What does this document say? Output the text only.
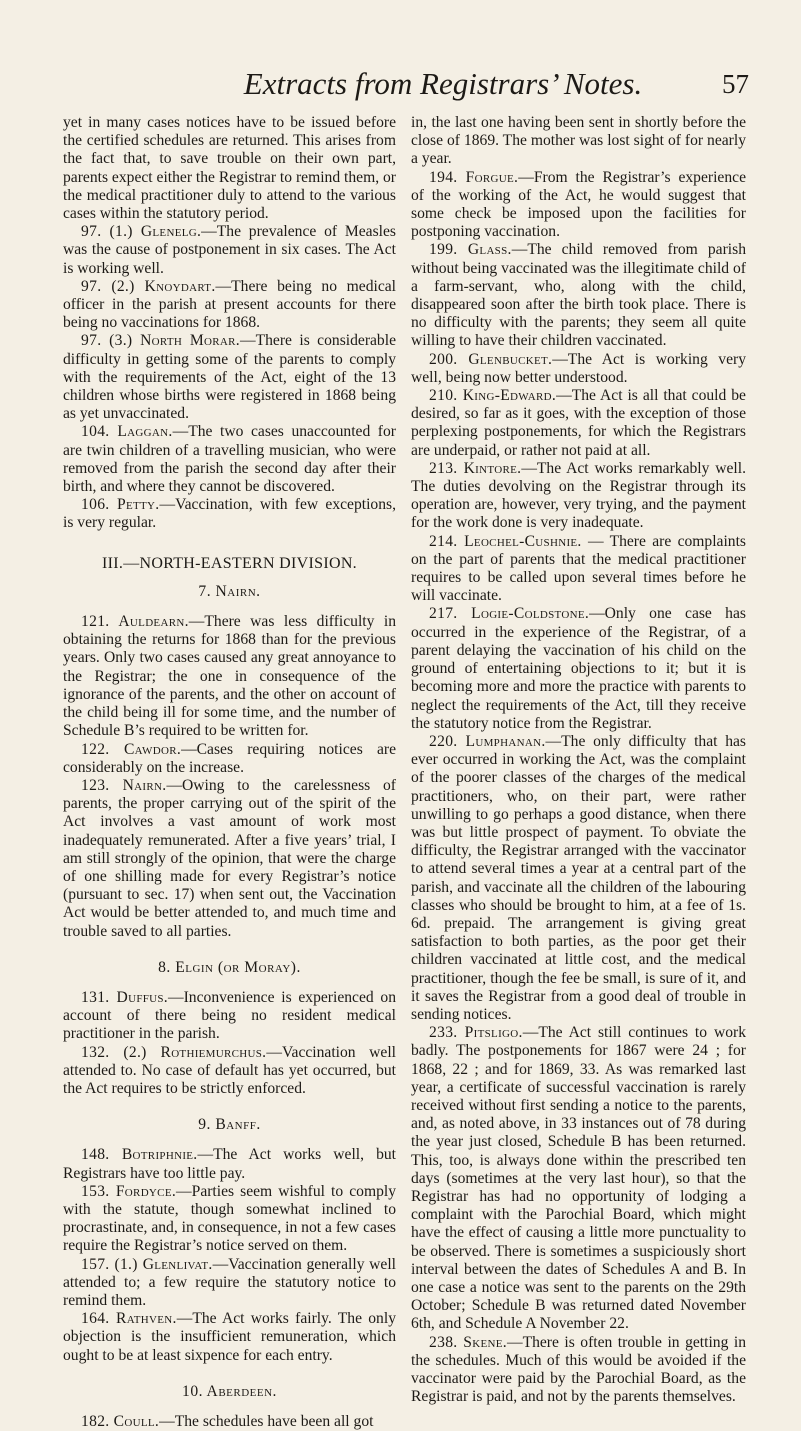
Extracts from Registrars’ Notes.	57

yet in many cases notices have to be issued before the certified schedules are returned. This arises from the fact that, to save trouble on their own part, parents expect either the Registrar to remind them, or the medical practitioner duly to attend to the various cases within the statutory period.

97. (1.) Glenelg.—The prevalence of Measles was the cause of postponement in six cases. The Act is working well.

97. (2.) Knoydart.—There being no medical officer in the parish at present accounts for there being no vaccinations for 1868.

97. (3.) North Morar.—There is considerable difficulty in getting some of the parents to comply with the requirements of the Act, eight of the 13 children whose births were registered in 1868 being as yet unvaccinated.

104. Laggan.—The two cases unaccounted for are twin children of a travelling musician, who were removed from the parish the second day after their birth, and where they cannot be discovered.

106. Petty.—Vaccination, with few exceptions, is very regular.

III.—NORTH-EASTERN DIVISION.
7. Nairn.

121. Auldearn.—There was less difficulty in obtaining the returns for 1868 than for the previous years. Only two cases caused any great annoyance to the Registrar; the one in consequence of the ignorance of the parents, and the other on account of the child being ill for some time, and the number of Schedule B’s required to be written for.

122. Cawdor.—Cases requiring notices are considerably on the increase.

123. Nairn.—Owing to the carelessness of parents, the proper carrying out of the spirit of the Act involves a vast amount of work most inadequately remunerated. After a five years’ trial, I am still strongly of the opinion, that were the charge of one shilling made for every Registrar’s notice (pursuant to sec. 17) when sent out, the Vaccination Act would be better attended to, and much time and trouble saved to all parties.

8. Elgin (or Moray).

131. Duffus.—Inconvenience is experienced on account of there being no resident medical practitioner in the parish.

132. (2.) Rothiemurchus.—Vaccination well attended to. No case of default has yet occurred, but the Act requires to be strictly enforced.

9. Banff.

148. Botriphnie.—The Act works well, but Registrars have too little pay.

153. Fordyce.—Parties seem wishful to comply with the statute, though somewhat inclined to procrastinate, and, in consequence, in not a few cases require the Registrar’s notice served on them.

157. (1.) Glenlivat.—Vaccination generally well attended to; a few require the statutory notice to remind them.

164. Rathven.—The Act works fairly. The only objection is the insufficient remuneration, which ought to be at least sixpence for each entry.

10. Aberdeen.

182. Coull.—The schedules have been all got

in, the last one having been sent in shortly before the close of 1869. The mother was lost sight of for nearly a year.

194. Forgue.—From the Registrar’s experience of the working of the Act, he would suggest that some check be imposed upon the facilities for postponing vaccination.

199. Glass.—The child removed from parish without being vaccinated was the illegitimate child of a farm-servant, who, along with the child, disappeared soon after the birth took place. There is no difficulty with the parents; they seem all quite willing to have their children vaccinated.

200. Glenbucket.—The Act is working very well, being now better understood.

210. King-Edward.—The Act is all that could be desired, so far as it goes, with the exception of those perplexing postponements, for which the Registrars are underpaid, or rather not paid at all.

213. Kintore.—The Act works remarkably well. The duties devolving on the Registrar through its operation are, however, very trying, and the payment for the work done is very inadequate.

214. Leochel-Cushnie. — There are complaints on the part of parents that the medical practitioner requires to be called upon several times before he will vaccinate.

217. Logie-Coldstone.—Only one case has occurred in the experience of the Registrar, of a parent delaying the vaccination of his child on the ground of entertaining objections to it; but it is becoming more and more the practice with parents to neglect the requirements of the Act, till they receive the statutory notice from the Registrar.

220. Lumphanan.—The only difficulty that has ever occurred in working the Act, was the complaint of the poorer classes of the charges of the medical practitioners, who, on their part, were rather unwilling to go perhaps a good distance, when there was but little prospect of payment. To obviate the difficulty, the Registrar arranged with the vaccinator to attend several times a year at a central part of the parish, and vaccinate all the children of the labouring classes who should be brought to him, at a fee of 1s. 6d. prepaid. The arrangement is giving great satisfaction to both parties, as the poor get their children vaccinated at little cost, and the medical practitioner, though the fee be small, is sure of it, and it saves the Registrar from a good deal of trouble in sending notices.

233. Pitsligo.—The Act still continues to work badly. The postponements for 1867 were 24 ; for 1868, 22 ; and for 1869, 33. As was remarked last year, a certificate of successful vaccination is rarely received without first sending a notice to the parents, and, as noted above, in 33 instances out of 78 during the year just closed, Schedule B has been returned. This, too, is always done within the prescribed ten days (sometimes at the very last hour), so that the Registrar has had no opportunity of lodging a complaint with the Parochial Board, which might have the effect of causing a little more punctuality to be observed. There is sometimes a suspiciously short interval between the dates of Schedules A and B. In one case a notice was sent to the parents on the 29th October; Schedule B was returned dated November 6th, and Schedule A November 22.

238. Skene.—There is often trouble in getting in the schedules. Much of this would be avoided if the vaccinator were paid by the Parochial Board, as the Registrar is paid, and not by the parents themselves.
